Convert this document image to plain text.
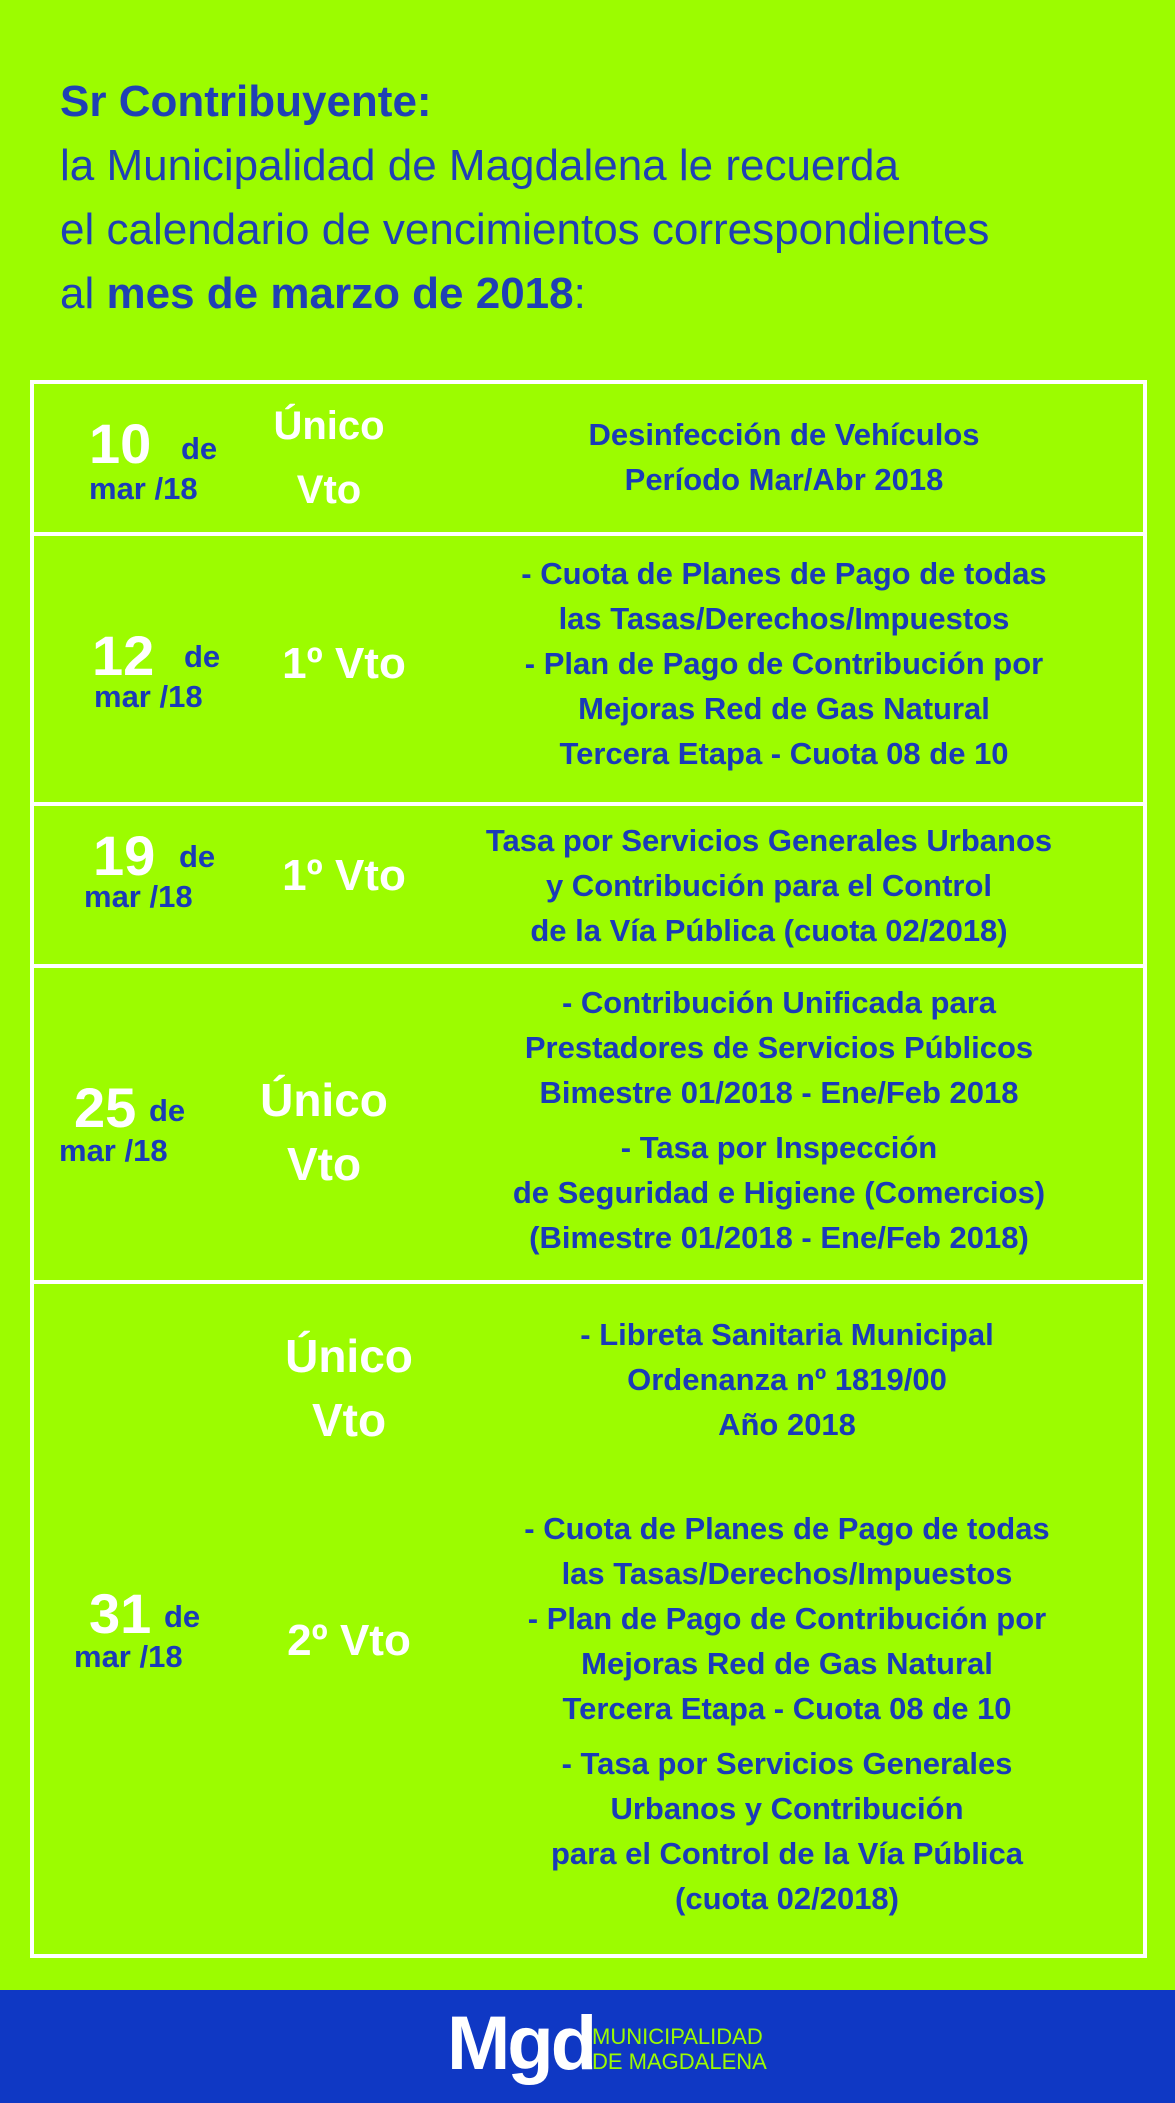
Sr Contribuyente:
la Municipalidad de Magdalena le recuerda
el calendario de vencimientos correspondientes
al mes de marzo de 2018:
10 de
mar /18
Único
Vto
Desinfección de Vehículos
Período Mar/Abr 2018
12 de
mar /18
1º Vto
- Cuota de Planes de Pago de todas
las Tasas/Derechos/Impuestos
- Plan de Pago de Contribución por
Mejoras Red de Gas Natural
Tercera Etapa - Cuota 08 de 10
19 de
mar /18	1º Vto
Tasa por Servicios Generales Urbanos
y Contribución para el Control
de la Vía Pública (cuota 02/2018)
25 de
mar /18
Único
Vto
- Contribución Unificada para
Prestadores de Servicios Públicos
Bimestre 01/2018 - Ene/Feb 2018
- Tasa por Inspección
de Seguridad e Higiene (Comercios)
(Bimestre 01/2018 - Ene/Feb 2018)
31 de
mar /18
Único
Vto
- Libreta Sanitaria Municipal
Ordenanza nº 1819/00
Año 2018
2º Vto
- Cuota de Planes de Pago de todas
las Tasas/Derechos/Impuestos
- Plan de Pago de Contribución por
Mejoras Red de Gas Natural
Tercera Etapa - Cuota 08 de 10
- Tasa por Servicios Generales
Urbanos y Contribución
para el Control de la Vía Pública
(cuota 02/2018)
Mgd
MUNICIPALIDAD
DE MAGDALENA
